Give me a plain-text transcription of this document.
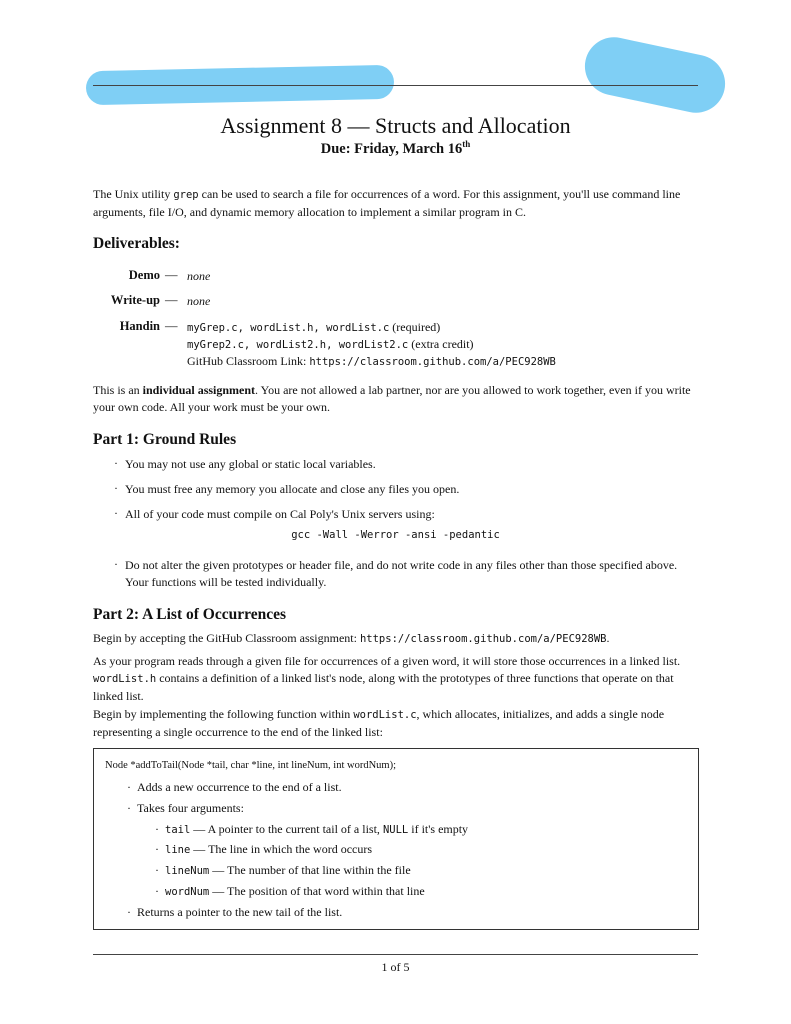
Assignment 8 — Structs and Allocation
Due: Friday, March 16th
The Unix utility grep can be used to search a file for occurrences of a word. For this assignment, you'll use command line arguments, file I/O, and dynamic memory allocation to implement a similar program in C.
Deliverables:
Demo — none
Write-up — none
Handin — myGrep.c, wordList.h, wordList.c (required)
myGrep2.c, wordList2.h, wordList2.c (extra credit)
GitHub Classroom Link: https://classroom.github.com/a/PEC928WB
This is an individual assignment. You are not allowed a lab partner, nor are you allowed to work together, even if you write your own code. All your work must be your own.
Part 1: Ground Rules
· You may not use any global or static local variables.
· You must free any memory you allocate and close any files you open.
· All of your code must compile on Cal Poly's Unix servers using:
gcc -Wall -Werror -ansi -pedantic
· Do not alter the given prototypes or header file, and do not write code in any files other than those specified above. Your functions will be tested individually.
Part 2: A List of Occurrences
Begin by accepting the GitHub Classroom assignment: https://classroom.github.com/a/PEC928WB.
As your program reads through a given file for occurrences of a given word, it will store those occurrences in a linked list. wordList.h contains a definition of a linked list's node, along with the prototypes of three functions that operate on that linked list.
Begin by implementing the following function within wordList.c, which allocates, initializes, and adds a single node representing a single occurrence to the end of the linked list:
Node *addToTail(Node *tail, char *line, int lineNum, int wordNum);
· Adds a new occurrence to the end of a list.
· Takes four arguments:
· tail — A pointer to the current tail of a list, NULL if it's empty
· line — The line in which the word occurs
· lineNum — The number of that line within the file
· wordNum — The position of that word within that line
· Returns a pointer to the new tail of the list.
1 of 5
